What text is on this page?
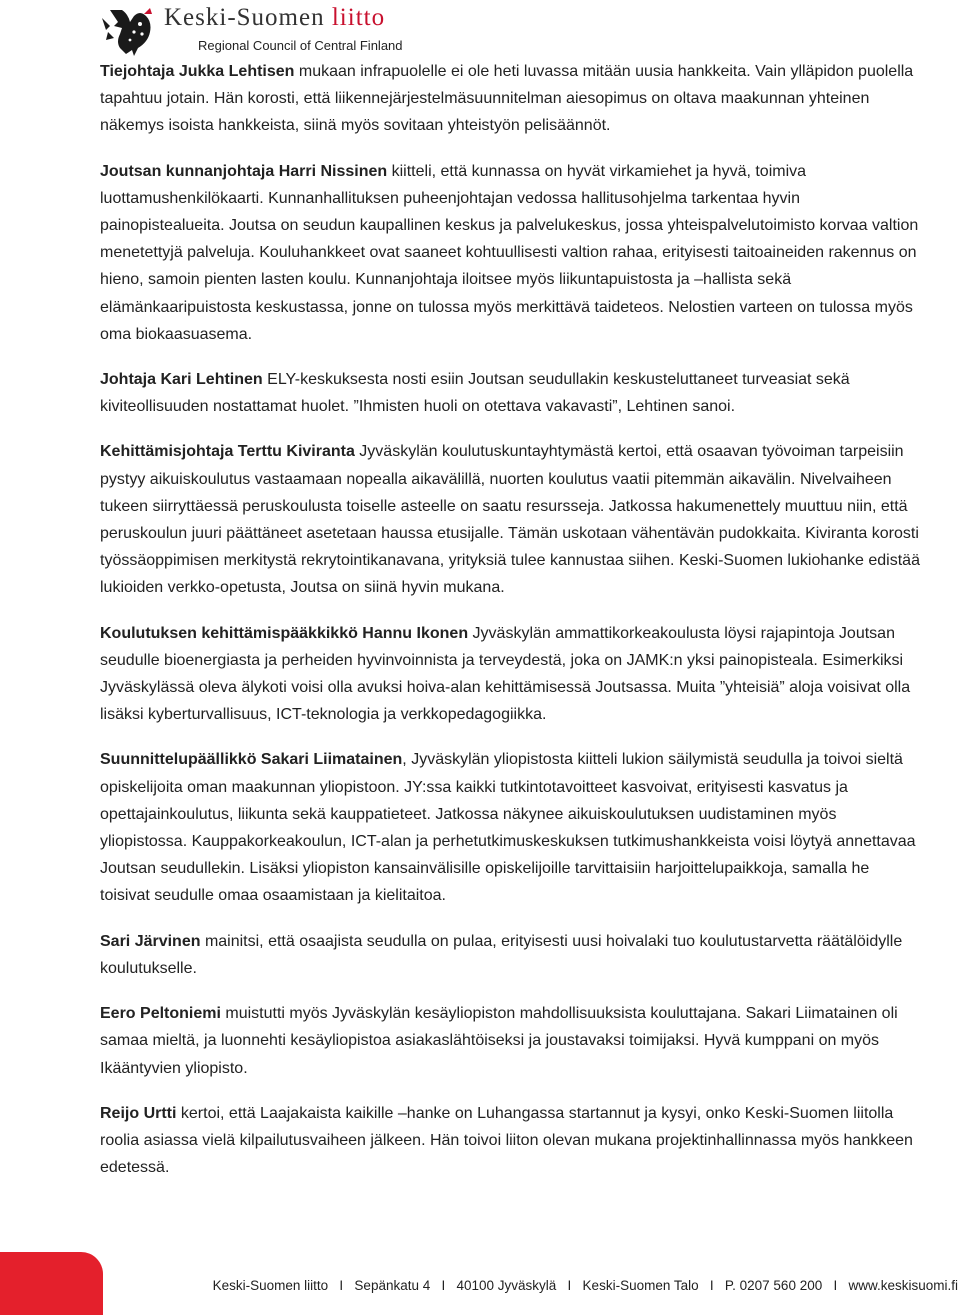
Keski-Suomen liitto
Regional Council of Central Finland

Tiejohtaja Jukka Lehtisen mukaan infrapuolelle ei ole heti luvassa mitään uusia hankkeita. Vain ylläpidon puolella tapahtuu jotain. Hän korosti, että liikennejärjestelmäsuunnitelman aiesopimus on oltava maakunnan yhteinen näkemys isoista hankkeista, siinä myös sovitaan yhteistyön pelisäännöt.

Joutsan kunnanjohtaja Harri Nissinen kiitteli, että kunnassa on hyvät virkamiehet ja hyvä, toimiva luottamushenkilökaarti. Kunnanhallituksen puheenjohtajan vedossa hallitusohjelma tarkentaa hyvin painopistealueita. Joutsa on seudun kaupallinen keskus ja palvelukeskus, jossa yhteispalvelutoimisto korvaa valtion menetettyjä palveluja. Kouluhankkeet ovat saaneet kohtuullisesti valtion rahaa, erityisesti taitoaineiden rakennus on hieno, samoin pienten lasten koulu. Kunnanjohtaja iloitsee myös liikuntapuistosta ja –hallista sekä elämänkaaripuistosta keskustassa, jonne on tulossa myös merkittävä taideteos. Nelostien varteen on tulossa myös oma biokaasuasema.

Johtaja Kari Lehtinen ELY-keskuksesta nosti esiin Joutsan seudullakin keskusteluttaneet turveasiat sekä kiviteollisuuden nostattamat huolet. ”Ihmisten huoli on otettava vakavasti”, Lehtinen sanoi.

Kehittämisjohtaja Terttu Kiviranta Jyväskylän koulutuskuntayhtymästä kertoi, että osaavan työvoiman tarpeisiin pystyy aikuiskoulutus vastaamaan nopealla aikavälillä, nuorten koulutus vaatii pitemmän aikavälin. Nivelvaiheen tukeen siirryttäessä peruskoulusta toiselle asteelle on saatu resursseja. Jatkossa hakumenettely muuttuu niin, että peruskoulun juuri päättäneet asetetaan haussa etusijalle. Tämän uskotaan vähentävän pudokkaita. Kiviranta korosti työssäoppimisen merkitystä rekrytointikanavana, yrityksiä tulee kannustaa siihen. Keski-Suomen lukiohanke edistää lukioiden verkko-opetusta, Joutsa on siinä hyvin mukana.

Koulutuksen kehittämispääkkikkö Hannu Ikonen Jyväskylän ammattikorkeakoulusta löysi rajapintoja Joutsan seudulle bioenergiasta ja perheiden hyvinvoinnista ja terveydestä, joka on JAMK:n yksi painopisteala. Esimerkiksi Jyväskylässä oleva älykoti voisi olla avuksi hoiva-alan kehittämisessä Joutsassa. Muita ”yhteisiä” aloja voisivat olla lisäksi kyberturvallisuus, ICT-teknologia ja verkkopedagogiikka.

Suunnittelupäällikkö Sakari Liimatainen, Jyväskylän yliopistosta kiitteli lukion säilymistä seudulla ja toivoi sieltä opiskelijoita oman maakunnan yliopistoon. JY:ssa kaikki tutkintotavoitteet kasvoivat, erityisesti kasvatus ja opettajainkoulutus, liikunta sekä kauppatieteet. Jatkossa näkynee aikuiskoulutuksen uudistaminen myös yliopistossa. Kauppakorkeakoulun, ICT-alan ja perhetutkimuskeskuksen tutkimushankkeista voisi löytyä annettavaa Joutsan seudullekin. Lisäksi yliopiston kansainvälisille opiskelijoille tarvittaisiin harjoittelupaikkoja, samalla he toisivat seudulle omaa osaamistaan ja kielitaitoa.

Sari Järvinen mainitsi, että osaajista seudulla on pulaa, erityisesti uusi hoivalaki tuo koulutustarvetta räätälöidylle koulutukselle.

Eero Peltoniemi muistutti myös Jyväskylän kesäyliopiston mahdollisuuksista kouluttajana. Sakari Liimatainen oli samaa mieltä, ja luonnehti kesäyliopistoa asiakaslähtöiseksi ja joustavaksi toimijaksi. Hyvä kumppani on myös Ikääntyvien yliopisto.

Reijo Urtti kertoi, että Laajakaista kaikille –hanke on Luhangassa startannut ja kysyi, onko Keski-Suomen liitolla roolia asiassa vielä kilpailutusvaiheen jälkeen. Hän toivoi liiton olevan mukana projektinhallinnassa myös hankkeen edetessä.

Keski-Suomen liitto   I   Sepänkatu 4   I   40100 Jyväskylä   I   Keski-Suomen Talo   I   P. 0207 560 200   I   www.keskisuomi.fi
